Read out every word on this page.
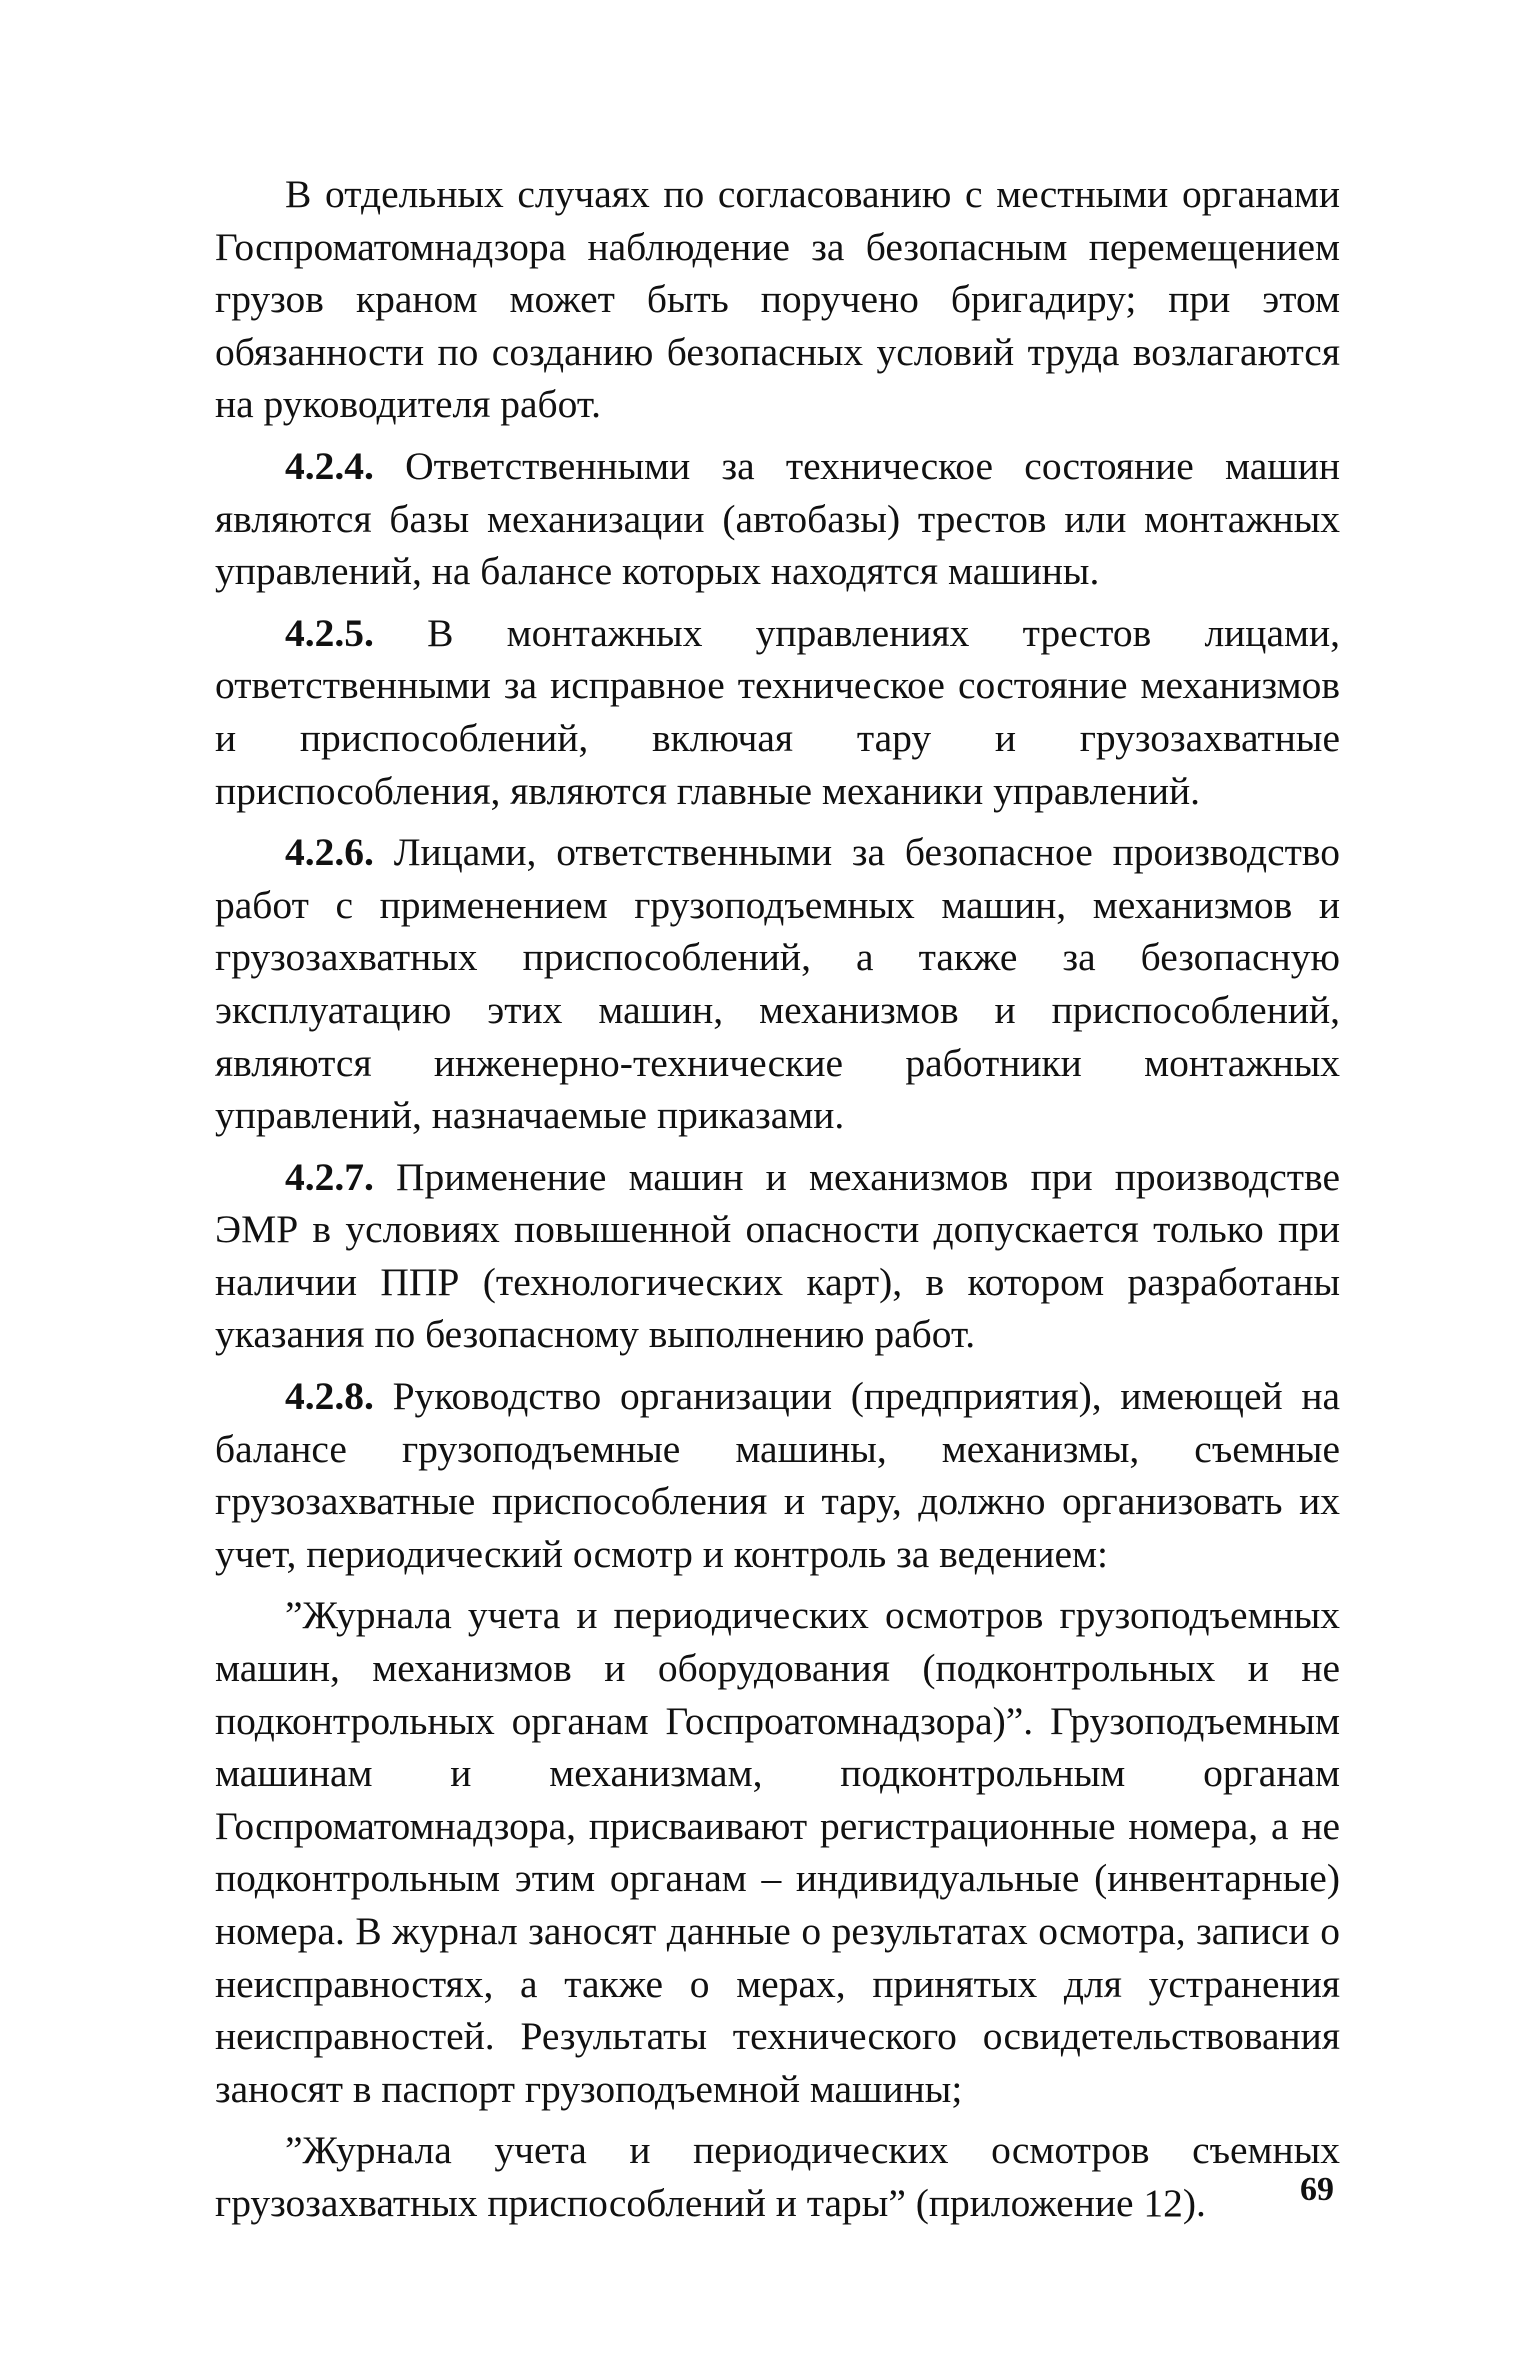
В отдельных случаях по согласованию с местными органами Госпроматомнадзора наблюдение за безопасным перемещением грузов краном может быть поручено бригадиру; при этом обязанности по созданию безопасных условий труда возлагаются на руководителя работ.

4.2.4. Ответственными за техническое состояние машин являются базы механизации (автобазы) трестов или монтажных управлений, на балансе которых находятся машины.

4.2.5. В монтажных управлениях трестов лицами, ответственными за исправное техническое состояние механизмов и приспособлений, включая тару и грузозахватные приспособления, являются главные механики управлений.

4.2.6. Лицами, ответственными за безопасное производство работ с применением грузоподъемных машин, механизмов и грузозахватных приспособлений, а также за безопасную эксплуатацию этих машин, механизмов и приспособлений, являются инженерно-технические работники монтажных управлений, назначаемые приказами.

4.2.7. Применение машин и механизмов при производстве ЭМР в условиях повышенной опасности допускается только при наличии ППР (технологических карт), в котором разработаны указания по безопасному выполнению работ.

4.2.8. Руководство организации (предприятия), имеющей на балансе грузоподъемные машины, механизмы, съемные грузозахватные приспособления и тару, должно организовать их учет, периодический осмотр и контроль за ведением:

”Журнала учета и периодических осмотров грузоподъемных машин, механизмов и оборудования (подконтрольных и не подконтрольных органам Госпроатомнадзора)”. Грузоподъемным машинам и механизмам, подконтрольным органам Госпроматомнадзора, присваивают регистрационные номера, а не подконтрольным этим органам – индивидуальные (инвентарные) номера. В журнал заносят данные о результатах осмотра, записи о неисправностях, а также о мерах, принятых для устранения неисправностей. Результаты технического освидетельствования заносят в паспорт грузоподъемной машины;

”Журнала учета и периодических осмотров съемных грузозахватных приспособлений и тары” (приложение 12).	69
